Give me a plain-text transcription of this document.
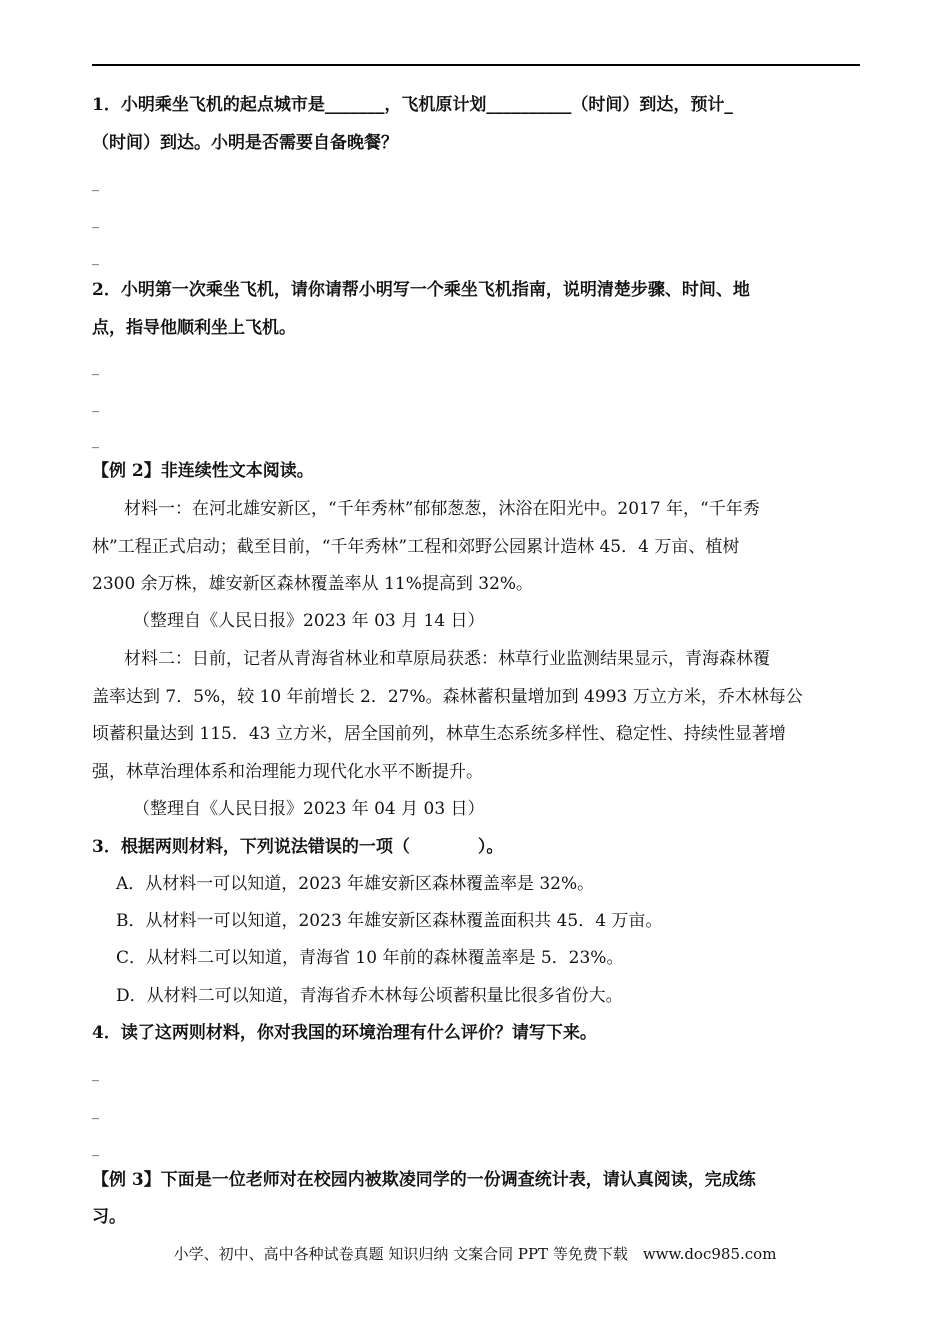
1．小明乘坐飞机的起点城市是_______，飞机原计划__________（时间）到达，预计_
（时间）到达。小明是否需要自备晚餐？
_
_
_
2．小明第一次乘坐飞机，请你请帮小明写一个乘坐飞机指南，说明清楚步骤、时间、地
点，指导他顺利坐上飞机。
_
_
_
【例 2】非连续性文本阅读。
材料一：在河北雄安新区，“千年秀林”郁郁葱葱，沐浴在阳光中。2017 年，“千年秀
林”工程正式启动；截至目前，“千年秀林”工程和郊野公园累计造林 45．4 万亩、植树
2300 余万株，雄安新区森林覆盖率从 11%提高到 32%。
（整理自《人民日报》2023 年 03 月 14 日）
材料二：日前，记者从青海省林业和草原局获悉：林草行业监测结果显示，青海森林覆
盖率达到 7．5%，较 10 年前增长 2．27%。森林蓄积量增加到 4993 万立方米，乔木林每公
顷蓄积量达到 115．43 立方米，居全国前列，林草生态系统多样性、稳定性、持续性显著增
强，林草治理体系和治理能力现代化水平不断提升。
（整理自《人民日报》2023 年 04 月 03 日）
3．根据两则材料，下列说法错误的一项（　　　　）。
A．从材料一可以知道，2023 年雄安新区森林覆盖率是 32%。
B．从材料一可以知道，2023 年雄安新区森林覆盖面积共 45．4 万亩。
C．从材料二可以知道，青海省 10 年前的森林覆盖率是 5．23%。
D．从材料二可以知道，青海省乔木林每公顷蓄积量比很多省份大。
4．读了这两则材料，你对我国的环境治理有什么评价？请写下来。
_
_
_
【例 3】下面是一位老师对在校园内被欺凌同学的一份调查统计表，请认真阅读，完成练
习。
小学、初中、高中各种试卷真题 知识归纳 文案合同 PPT 等免费下载　www.doc985.com
